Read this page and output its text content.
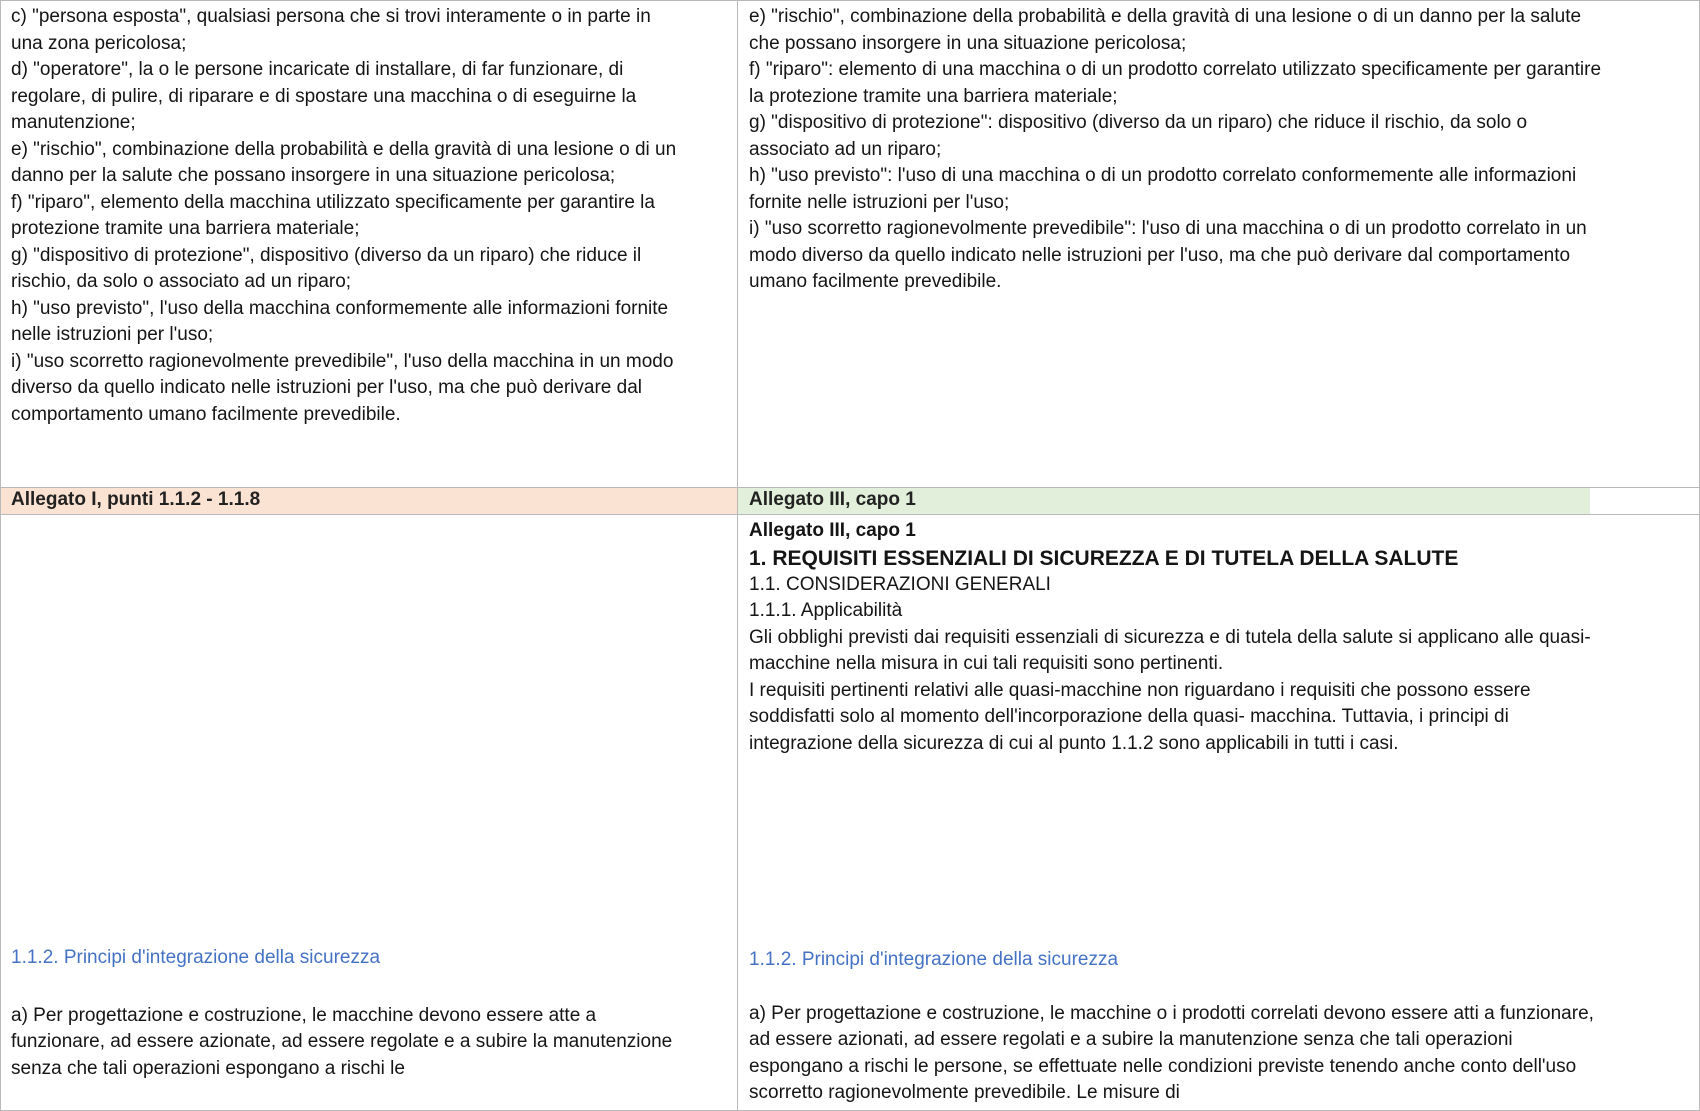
c) "persona esposta", qualsiasi persona che si trovi interamente o in parte in una zona pericolosa;

d) "operatore", la o le persone incaricate di installare, di far funzionare, di regolare, di pulire, di riparare e di spostare una macchina o di eseguirne la manutenzione;

e) "rischio", combinazione della probabilità e della gravità di una lesione o di un danno per la salute che possano insorgere in una situazione pericolosa;

f) "riparo", elemento della macchina utilizzato specificamente per garantire la protezione tramite una barriera materiale;

g) "dispositivo di protezione", dispositivo (diverso da un riparo) che riduce il rischio, da solo o associato ad un riparo;

h) "uso previsto", l'uso della macchina conformemente alle informazioni fornite nelle istruzioni per l'uso;

i) "uso scorretto ragionevolmente prevedibile", l'uso della macchina in un modo diverso da quello indicato nelle istruzioni per l'uso, ma che può derivare dal comportamento umano facilmente prevedibile.

e) "rischio", combinazione della probabilità e della gravità di una lesione o di un danno per la salute che possano insorgere in una situazione pericolosa;

f) "riparo": elemento di una macchina o di un prodotto correlato utilizzato specificamente per garantire la protezione tramite una barriera materiale;

g) "dispositivo di protezione": dispositivo (diverso da un riparo) che riduce il rischio, da solo o associato ad un riparo;

h) "uso previsto": l'uso di una macchina o di un prodotto correlato conformemente alle informazioni fornite nelle istruzioni per l'uso;

i) "uso scorretto ragionevolmente prevedibile": l'uso di una macchina o di un prodotto correlato in un modo diverso da quello indicato nelle istruzioni per l'uso, ma che può derivare dal comportamento umano facilmente prevedibile.

Allegato I, punti 1.1.2 - 1.1.8	Allegato III, capo 1
1.1.2. Principi d'integrazione della sicurezza

a) Per progettazione e costruzione, le macchine devono essere atte a funzionare, ad essere azionate, ad essere regolate e a subire la manutenzione senza che tali operazioni espongano a rischi le

Allegato III, capo 1

1. REQUISITI ESSENZIALI DI SICUREZZA E DI TUTELA DELLA SALUTE

1.1. CONSIDERAZIONI GENERALI

1.1.1. Applicabilità

Gli obblighi previsti dai requisiti essenziali di sicurezza e di tutela della salute si applicano alle quasi-macchine nella misura in cui tali requisiti sono pertinenti.

I requisiti pertinenti relativi alle quasi-macchine non riguardano i requisiti che possono essere soddisfatti solo al momento dell'incorporazione della quasi- macchina. Tuttavia, i principi di integrazione della sicurezza di cui al punto 1.1.2 sono applicabili in tutti i casi.

1.1.2. Principi d'integrazione della sicurezza

a) Per progettazione e costruzione, le macchine o i prodotti correlati devono essere atti a funzionare, ad essere azionati, ad essere regolati e a subire la manutenzione senza che tali operazioni espongano a rischi le persone, se effettuate nelle condizioni previste tenendo anche conto dell'uso scorretto ragionevolmente prevedibile. Le misure di
